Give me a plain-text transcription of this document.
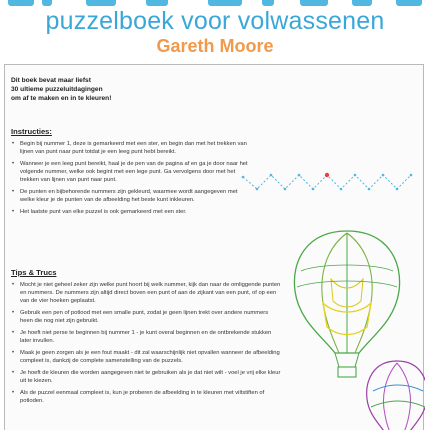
puzzelboek voor volwassenen
Gareth Moore
Dit boek bevat maar liefst
30 ultieme puzzeluitdagingen
om af te maken en in te kleuren!
Instructies:
• Begin bij nummer 1, deze is gemarkeerd met een ster, en begin dan met het trekken van lijnen van punt naar punt totdat je een leeg punt hebt bereikt.
• Wanneer je een leeg punt bereikt, haal je de pen van de pagina af en ga je door naar het volgende nummer, welke ook begint met een lege punt. Ga vervolgens door met het trekken van lijnen van punt naar punt.
• De punten en bijbehorende nummers zijn gekleurd, waarmee wordt aangegeven met welke kleur je de punten van de afbeelding het beste kunt inkleuren.
• Het laatste punt van elke puzzel is ook gemarkeerd met een ster.
Tips & Trucs
• Mocht je niet geheel zeker zijn welke punt hoort bij welk nummer, kijk dan naar de omliggende punten en nummers. De nummers zijn altijd direct boven een punt of aan de zijkant van een punt, of op een van de vier hoeken geplaatst.
• Gebruik een pen of potlood met een smalle punt, zodat je geen lijnen trekt over andere nummers heen die nog niet zijn gebruikt.
• Je hoeft niet perse te beginnen bij nummer 1 - je kunt overal beginnen en de ontbrekende stukken later invullen.
• Maak je geen zorgen als je een fout maakt - dit zal waarschijnlijk niet opvallen wanneer de afbeelding compleet is, dankzij de complete samenstelling van de puzzels.
• Je hoeft de kleuren die worden aangegeven niet te gebruiken als je dat niet wilt - voel je vrij elke kleur uit te kiezen.
• Als de puzzel eenmaal compleet is, kun je proberen de afbeelding in te kleuren met viltstiften of potloden.
